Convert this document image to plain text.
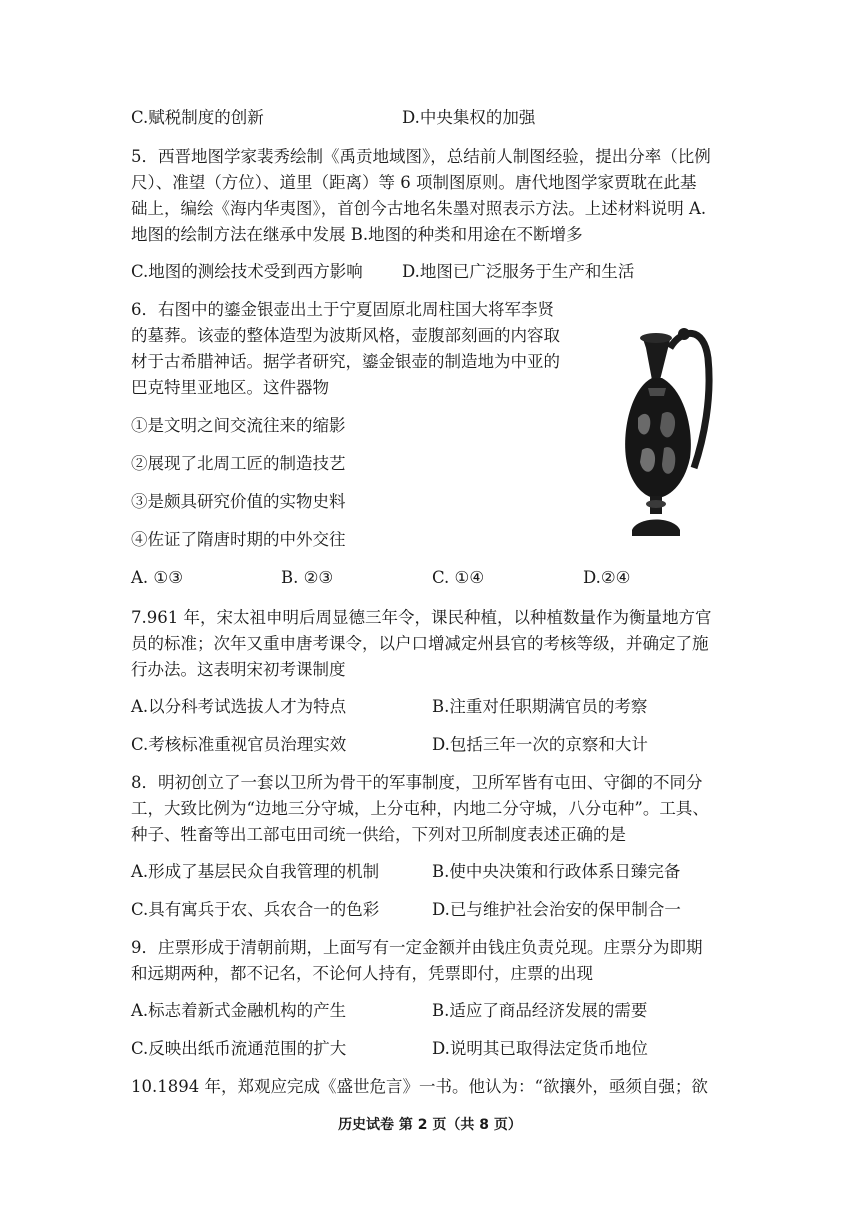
C.赋税制度的创新	D.中央集权的加强
5．西晋地图学家裴秀绘制《禹贡地域图》，总结前人制图经验，提出分率（比例
尺）、准望（方位）、道里（距离）等 6 项制图原则。唐代地图学家贾耽在此基
础上，编绘《海内华夷图》，首创今古地名朱墨对照表示方法。上述材料说明 A.
地图的绘制方法在继承中发展 B.地图的种类和用途在不断增多
C.地图的测绘技术受到西方影响 D.地图已广泛服务于生产和生活
6．右图中的鎏金银壶出土于宁夏固原北周柱国大将军李贤
的墓葬。该壶的整体造型为波斯风格，壶腹部刻画的内容取
材于古希腊神话。据学者研究，鎏金银壶的制造地为中亚的
巴克特里亚地区。这件器物
①是文明之间交流往来的缩影
②展现了北周工匠的制造技艺
③是颇具研究价值的实物史料
④佐证了隋唐时期的中外交往
A. ①③	B. ②③	C. ①④	D.②④
7.961 年，宋太祖申明后周显德三年令，课民种植，以种植数量作为衡量地方官
员的标准；次年又重申唐考课令，以户口增减定州县官的考核等级，并确定了施
行办法。这表明宋初考课制度
A.以分科考试选拔人才为特点	B.注重对任职期满官员的考察
C.考核标准重视官员治理实效	D.包括三年一次的京察和大计
8．明初创立了一套以卫所为骨干的军事制度，卫所军皆有屯田、守御的不同分
工，大致比例为“边地三分守城，上分屯种，内地二分守城，八分屯种”。工具、
种子、牲畜等出工部屯田司统一供给，下列对卫所制度表述正确的是
A.形成了基层民众自我管理的机制	B.使中央决策和行政体系日臻完备
C.具有寓兵于农、兵农合一的色彩	D.已与维护社会治安的保甲制合一
9．庄票形成于清朝前期，上面写有一定金额并由钱庄负责兑现。庄票分为即期
和远期两种，都不记名，不论何人持有，凭票即付，庄票的出现
A.标志着新式金融机构的产生	B.适应了商品经济发展的需要
C.反映出纸币流通范围的扩大	D.说明其已取得法定货币地位
10.1894 年，郑观应完成《盛世危言》一书。他认为：“欲攘外，亟须自强；欲
历史试卷 第 2 页（共 8 页）
